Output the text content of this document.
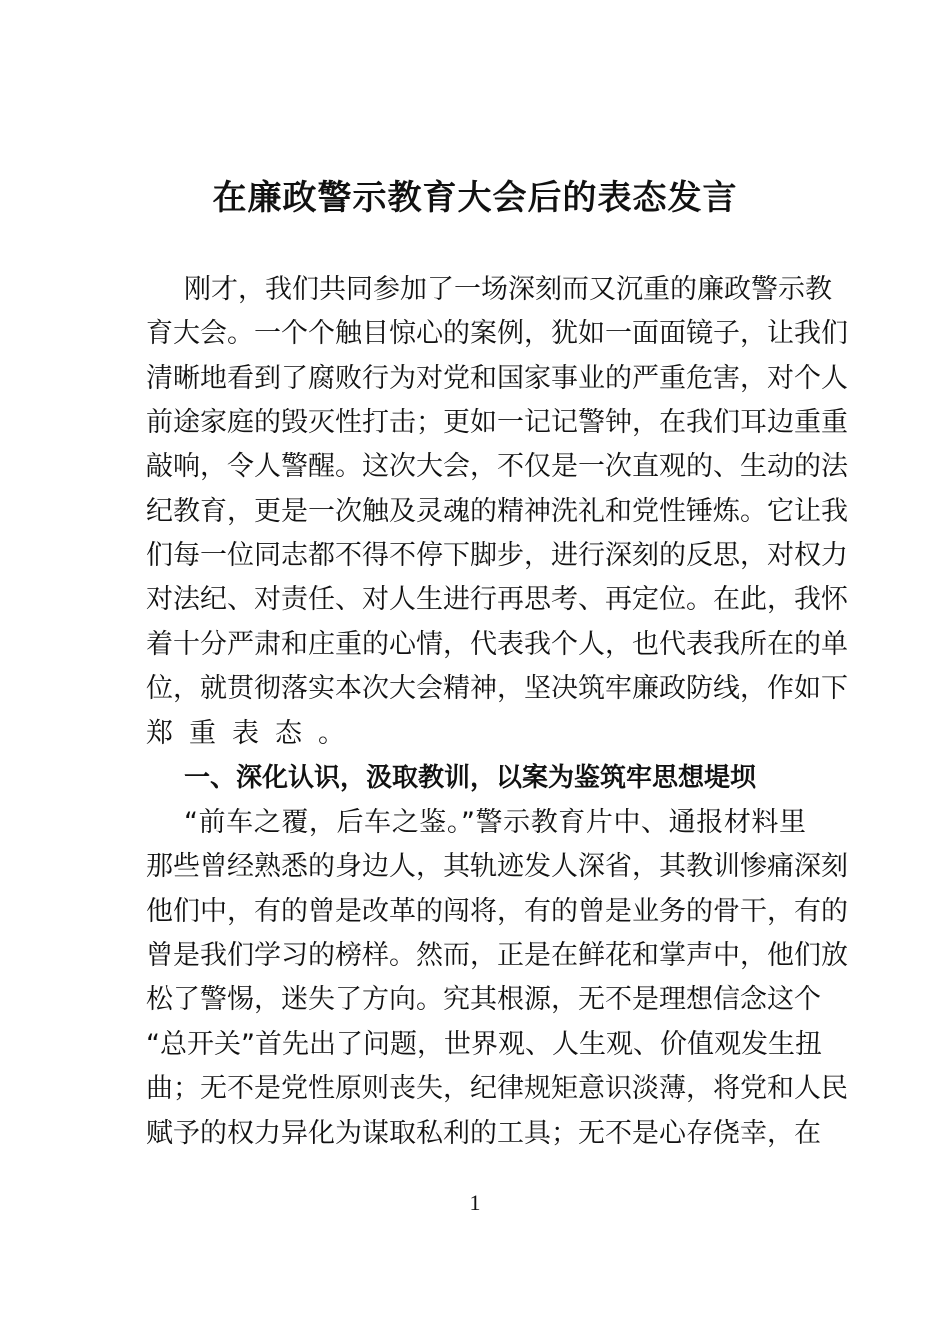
在廉政警示教育大会后的表态发言
刚才，我们共同参加了一场深刻而又沉重的廉政警示教
育大会。一个个触目惊心的案例，犹如一面面镜子，让我们
清晰地看到了腐败行为对党和国家事业的严重危害，对个人
前途家庭的毁灭性打击；更如一记记警钟，在我们耳边重重
敲响，令人警醒。这次大会，不仅是一次直观的、生动的法
纪教育，更是一次触及灵魂的精神洗礼和党性锤炼。它让我
们每一位同志都不得不停下脚步，进行深刻的反思，对权力
对法纪、对责任、对人生进行再思考、再定位。在此，我怀
着十分严肃和庄重的心情，代表我个人，也代表我所在的单
位，就贯彻落实本次大会精神，坚决筑牢廉政防线，作如下
郑重表态。
一、深化认识，汲取教训，以案为鉴筑牢思想堤坝
“前车之覆，后车之鉴。”警示教育片中、通报材料里
那些曾经熟悉的身边人，其轨迹发人深省，其教训惨痛深刻
他们中，有的曾是改革的闯将，有的曾是业务的骨干，有的
曾是我们学习的榜样。然而，正是在鲜花和掌声中，他们放
松了警惕，迷失了方向。究其根源，无不是理想信念这个
“总开关”首先出了问题，世界观、人生观、价值观发生扭
曲；无不是党性原则丧失，纪律规矩意识淡薄，将党和人民
赋予的权力异化为谋取私利的工具；无不是心存侥幸，在
1
